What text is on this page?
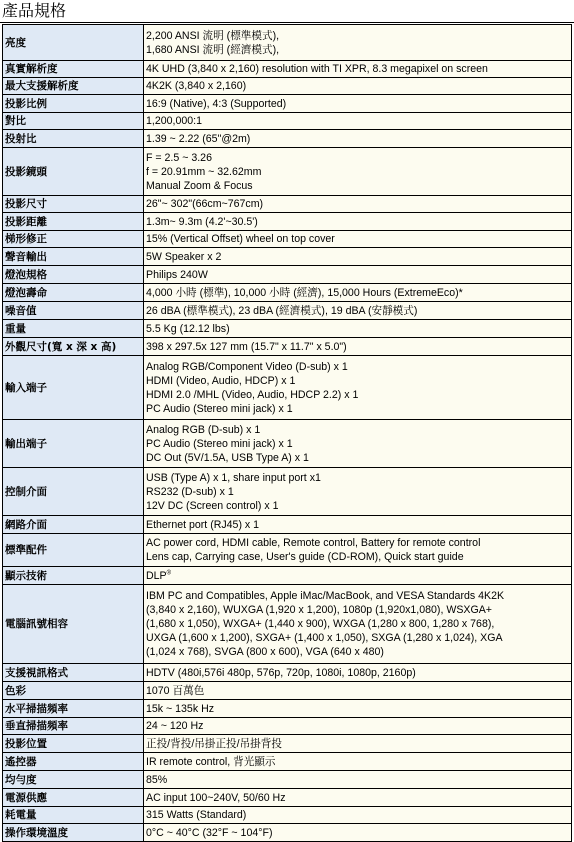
產品規格
亮度	2,200 ANSI 流明 (標準模式),
1,680 ANSI 流明 (經濟模式),

真實解析度	4K UHD (3,840 x 2,160) resolution with TI XPR, 8.3 megapixel on screen

最大支援解析度	4K2K (3,840 x 2,160)

投影比例	16:9 (Native), 4:3 (Supported)

對比	1,200,000:1

投射比	1.39 ~ 2.22 (65"@2m)

投影鏡頭	F = 2.5 ~ 3.26
f = 20.91mm ~ 32.62mm
Manual Zoom & Focus

投影尺寸	26"~ 302"(66cm~767cm)

投影距離	1.3m~ 9.3m (4.2'~30.5')

梯形修正	15% (Vertical Offset) wheel on top cover

聲音輸出	5W Speaker x 2

燈泡規格	Philips 240W

燈泡壽命	4,000 小時 (標準), 10,000 小時 (經濟), 15,000 Hours (ExtremeEco)*

噪音值	26 dBA (標準模式), 23 dBA (經濟模式), 19 dBA (安靜模式)

重量	5.5 Kg (12.12 lbs)

外觀尺寸(寬 x 深 x 高)	398 x 297.5x 127 mm (15.7" x 11.7" x 5.0")

輸入端子	Analog RGB/Component Video (D-sub) x 1
HDMI (Video, Audio, HDCP) x 1
HDMI 2.0 /MHL (Video, Audio, HDCP 2.2) x 1
PC Audio (Stereo mini jack) x 1

輸出端子	Analog RGB (D-sub) x 1
PC Audio (Stereo mini jack) x 1
DC Out (5V/1.5A, USB Type A) x 1

控制介面	USB (Type A) x 1, share input port x1
RS232 (D-sub) x 1
12V DC (Screen control) x 1

網路介面	Ethernet port (RJ45) x 1

標準配件	AC power cord, HDMI cable, Remote control, Battery for remote control
Lens cap, Carrying case, User's guide (CD-ROM), Quick start guide

顯示技術	DLP®

電腦訊號相容	IBM PC and Compatibles, Apple iMac/MacBook, and VESA Standards 4K2K
(3,840 x 2,160), WUXGA (1,920 x 1,200), 1080p (1,920x1,080), WSXGA+
(1,680 x 1,050), WXGA+ (1,440 x 900), WXGA (1,280 x 800, 1,280 x 768),
UXGA (1,600 x 1,200), SXGA+ (1,400 x 1,050), SXGA (1,280 x 1,024), XGA
(1,024 x 768), SVGA (800 x 600), VGA (640 x 480)

支援視訊格式	HDTV (480i,576i 480p, 576p, 720p, 1080i, 1080p, 2160p)

色彩	1070 百萬色

水平掃描頻率	15k ~ 135k Hz

垂直掃描頻率	24 ~ 120 Hz

投影位置	正投/背投/吊掛正投/吊掛背投

遙控器	IR remote control, 背光顯示

均勻度	85%

電源供應	AC input 100~240V, 50/60 Hz

耗電量	315 Watts (Standard)

操作環境溫度	0°C ~ 40°C (32°F ~ 104°F)
